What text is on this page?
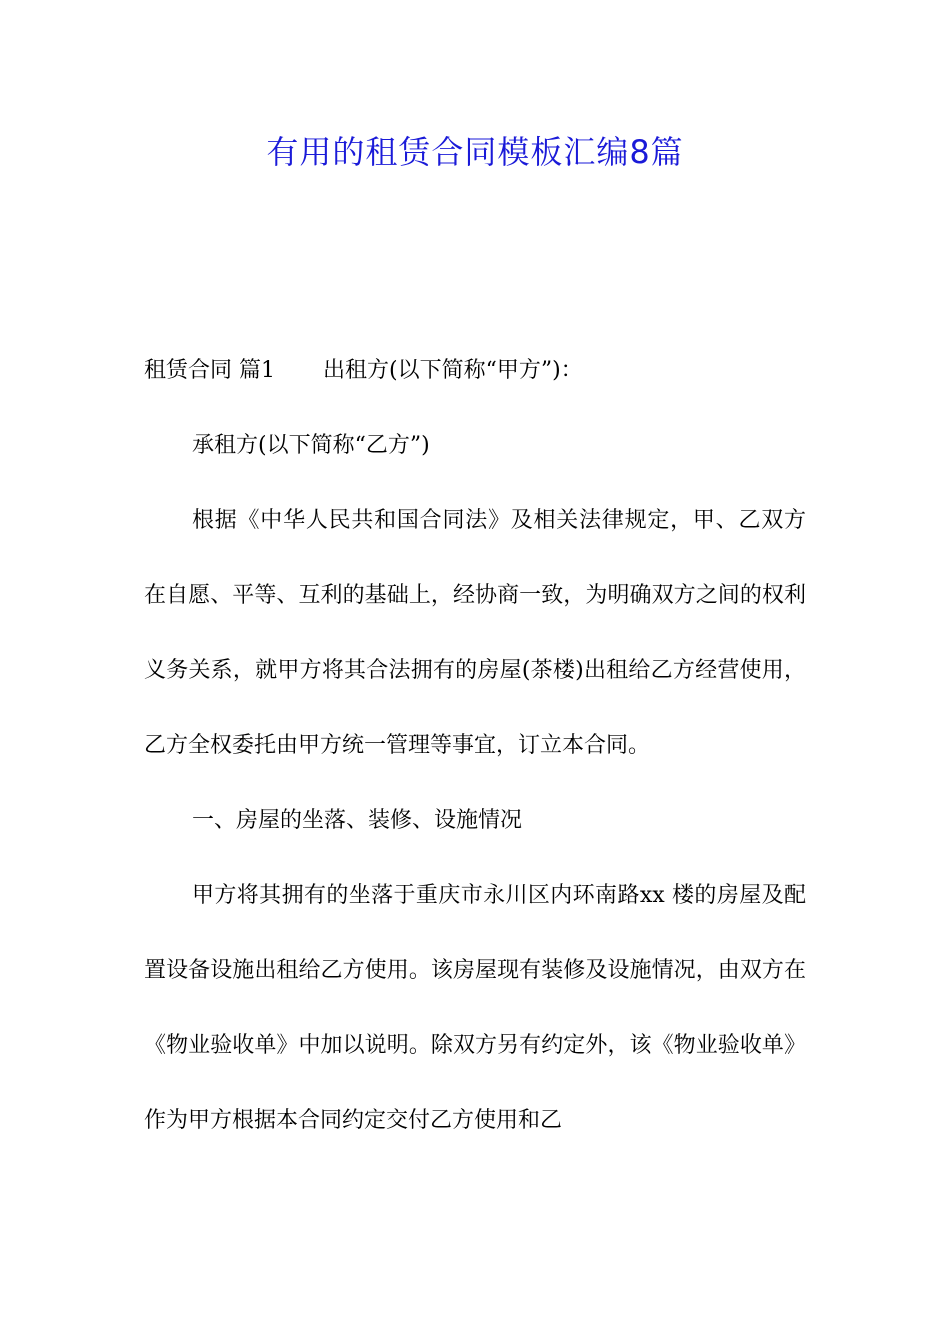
有用的租赁合同模板汇编8篇

租赁合同 篇1 出租方(以下简称“甲方”)：

承租方(以下简称“乙方”)

根据《中华人民共和国合同法》及相关法律规定，甲、乙双方在自愿、平等、互利的基础上，经协商一致，为明确双方之间的权利义务关系，就甲方将其合法拥有的房屋(茶楼)出租给乙方经营使用，乙方全权委托由甲方统一管理等事宜，订立本合同。

一、房屋的坐落、装修、设施情况

甲方将其拥有的坐落于重庆市永川区内环南路xx 楼的房屋及配置设备设施出租给乙方使用。该房屋现有装修及设施情况，由双方在《物业验收单》中加以说明。除双方另有约定外，该《物业验收单》作为甲方根据本合同约定交付乙方使用和乙
